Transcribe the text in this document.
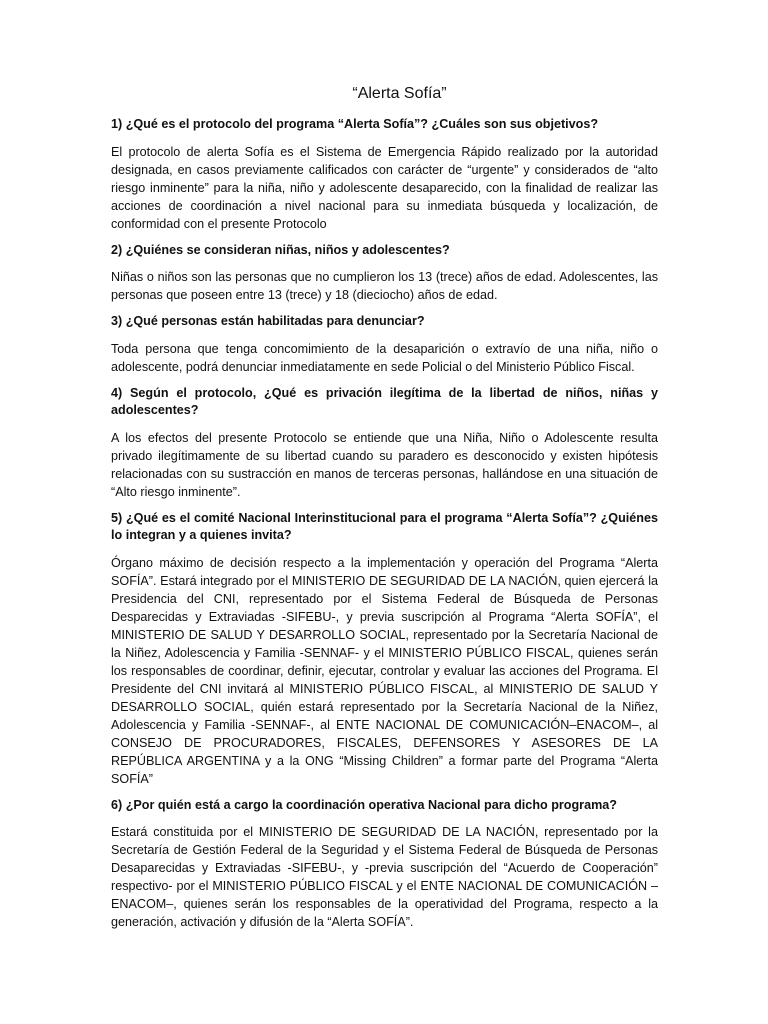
“Alerta Sofía”

1) ¿Qué es el protocolo del programa “Alerta Sofía”? ¿Cuáles son sus objetivos?

El protocolo de alerta Sofía es el Sistema de Emergencia Rápido realizado por la autoridad designada, en casos previamente calificados con carácter de “urgente” y considerados de “alto riesgo inminente” para la niña, niño y adolescente desaparecido, con la finalidad de realizar las acciones de coordinación a nivel nacional para su inmediata búsqueda y localización, de conformidad con el presente Protocolo

2) ¿Quiénes se consideran niñas, niños y adolescentes?

Niñas o niños son las personas que no cumplieron los 13 (trece) años de edad. Adolescentes, las personas que poseen entre 13 (trece) y 18 (dieciocho) años de edad.

3) ¿Qué personas están habilitadas para denunciar?

Toda persona que tenga concomimiento de la desaparición o extravío de una niña, niño o adolescente, podrá denunciar inmediatamente en sede Policial o del Ministerio Público Fiscal.

4) Según el protocolo, ¿Qué es privación ilegítima de la libertad de niños, niñas y adolescentes?

A los efectos del presente Protocolo se entiende que una Niña, Niño o Adolescente resulta privado ilegítimamente de su libertad cuando su paradero es desconocido y existen hipótesis relacionadas con su sustracción en manos de terceras personas, hallándose en una situación de “Alto riesgo inminente”.

5) ¿Qué es el comité Nacional Interinstitucional para el programa “Alerta Sofía”? ¿Quiénes lo integran y a quienes invita?

Órgano máximo de decisión respecto a la implementación y operación del Programa “Alerta SOFÍA”. Estará integrado por el MINISTERIO DE SEGURIDAD DE LA NACIÓN, quien ejercerá la Presidencia del CNI, representado por el Sistema Federal de Búsqueda de Personas Desparecidas y Extraviadas -SIFEBU-, y previa suscripción al Programa “Alerta SOFÍA”, el MINISTERIO DE SALUD Y DESARROLLO SOCIAL, representado por la Secretaría Nacional de la Niñez, Adolescencia y Familia -SENNAF- y el MINISTERIO PÚBLICO FISCAL, quienes serán los responsables de coordinar, definir, ejecutar, controlar y evaluar las acciones del Programa. El Presidente del CNI invitará al MINISTERIO PÚBLICO FISCAL, al MINISTERIO DE SALUD Y DESARROLLO SOCIAL, quién estará representado por la Secretaría Nacional de la Niñez, Adolescencia y Familia -SENNAF-, al ENTE NACIONAL DE COMUNICACIÓN–ENACOM–, al CONSEJO DE PROCURADORES, FISCALES, DEFENSORES Y ASESORES DE LA REPÚBLICA ARGENTINA y a la ONG “Missing Children” a formar parte del Programa “Alerta SOFÍA”

6) ¿Por quién está a cargo la coordinación operativa Nacional para dicho programa?

Estará constituida por el MINISTERIO DE SEGURIDAD DE LA NACIÓN, representado por la Secretaría de Gestión Federal de la Seguridad y el Sistema Federal de Búsqueda de Personas Desaparecidas y Extraviadas -SIFEBU-, y -previa suscripción del “Acuerdo de Cooperación” respectivo- por el MINISTERIO PÚBLICO FISCAL y el ENTE NACIONAL DE COMUNICACIÓN –ENACOM–, quienes serán los responsables de la operatividad del Programa, respecto a la generación, activación y difusión de la “Alerta SOFÍA”.
